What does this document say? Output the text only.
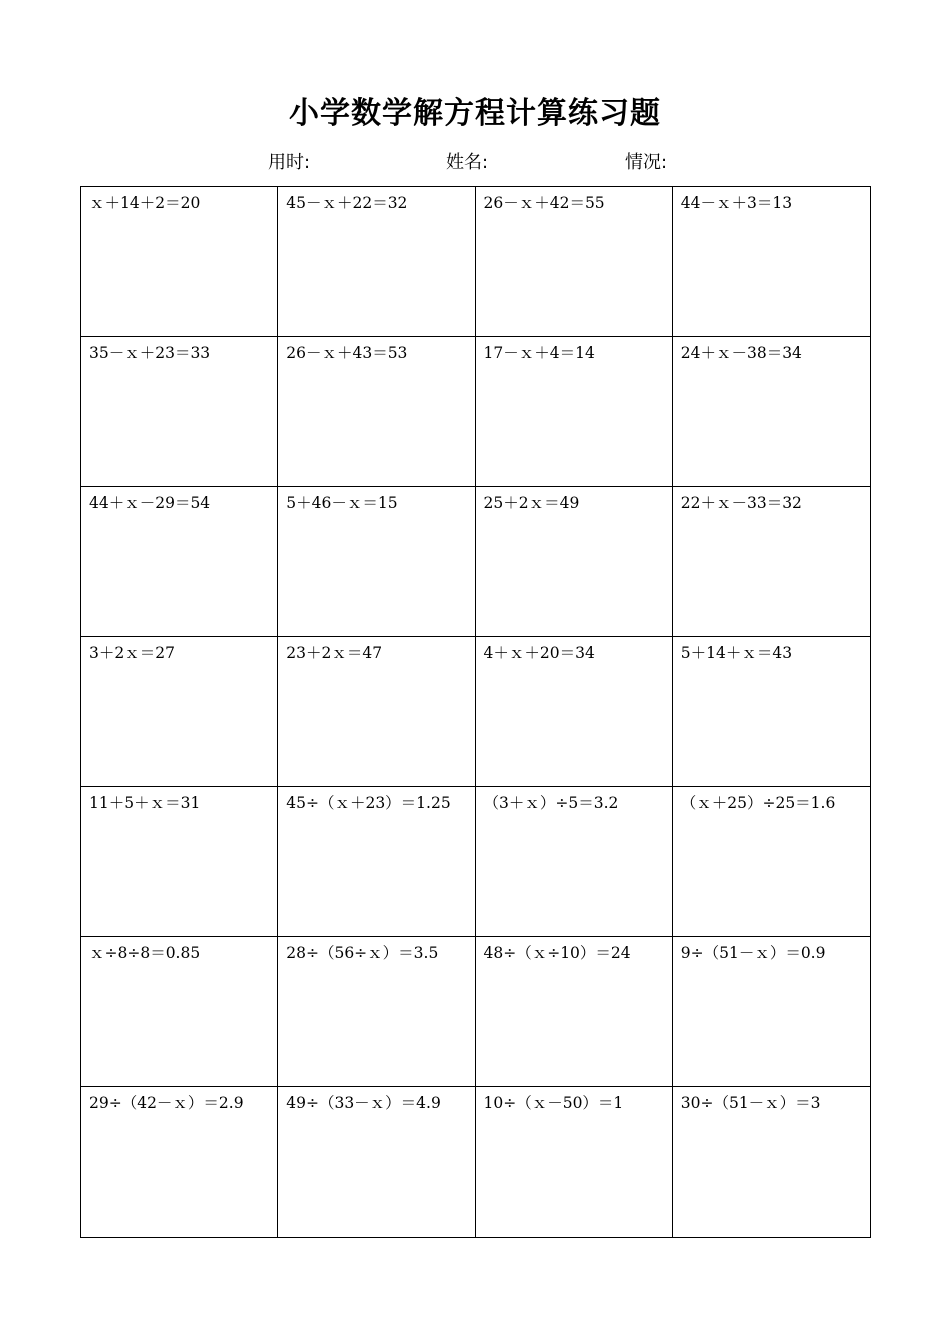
小学数学解方程计算练习题
用时:	姓名:	情况:
ｘ＋14＋2＝20	45－ｘ＋22＝32	26－ｘ＋42＝55	44－ｘ＋3＝13
35－ｘ＋23＝33	26－ｘ＋43＝53	17－ｘ＋4＝14	24＋ｘ－38＝34
44＋ｘ－29＝54	5＋46－ｘ＝15	25＋2ｘ＝49	22＋ｘ－33＝32
3＋2ｘ＝27	23＋2ｘ＝47	4＋ｘ＋20＝34	5＋14＋ｘ＝43
11＋5＋ｘ＝31	45÷（ｘ＋23）＝1.25	（3＋ｘ）÷5＝3.2	（ｘ＋25）÷25＝1.6
ｘ÷8÷8＝0.85	28÷（56÷ｘ）＝3.5	48÷（ｘ÷10）＝24	9÷（51－ｘ）＝0.9
29÷（42－ｘ）＝2.9	49÷（33－ｘ）＝4.9	10÷（ｘ－50）＝1	30÷（51－ｘ）＝3
